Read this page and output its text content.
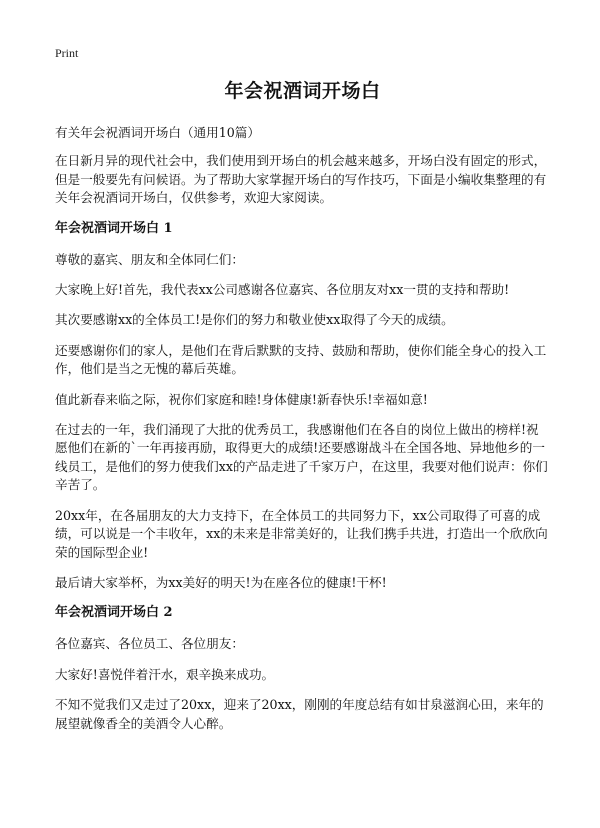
Print
年会祝酒词开场白

有关年会祝酒词开场白（通用10篇）

在日新月异的现代社会中，我们使用到开场白的机会越来越多，开场白没有固定的形式，但是一般要先有问候语。为了帮助大家掌握开场白的写作技巧，下面是小编收集整理的有关年会祝酒词开场白，仅供参考，欢迎大家阅读。

年会祝酒词开场白 1

尊敬的嘉宾、朋友和全体同仁们：

大家晚上好!首先，我代表xx公司感谢各位嘉宾、各位朋友对xx一贯的支持和帮助!

其次要感谢xx的全体员工!是你们的努力和敬业使xx取得了今天的成绩。

还要感谢你们的家人，是他们在背后默默的支持、鼓励和帮助，使你们能全身心的投入工作，他们是当之无愧的幕后英雄。

值此新春来临之际，祝你们家庭和睦!身体健康!新春快乐!幸福如意!

在过去的一年，我们涌现了大批的优秀员工，我感谢他们在各自的岗位上做出的榜样!祝愿他们在新的`一年再接再励，取得更大的成绩!还要感谢战斗在全国各地、异地他乡的一线员工，是他们的努力使我们xx的产品走进了千家万户，在这里，我要对他们说声：你们辛苦了。

20xx年，在各届朋友的大力支持下，在全体员工的共同努力下，xx公司取得了可喜的成绩，可以说是一个丰收年，xx的未来是非常美好的，让我们携手共进，打造出一个欣欣向荣的国际型企业!

最后请大家举杯，为xx美好的明天!为在座各位的健康!干杯!

年会祝酒词开场白 2

各位嘉宾、各位员工、各位朋友：

大家好!喜悦伴着汗水，艰辛换来成功。

不知不觉我们又走过了20xx，迎来了20xx，刚刚的年度总结有如甘泉滋润心田，来年的展望就像香全的美酒令人心醉。
